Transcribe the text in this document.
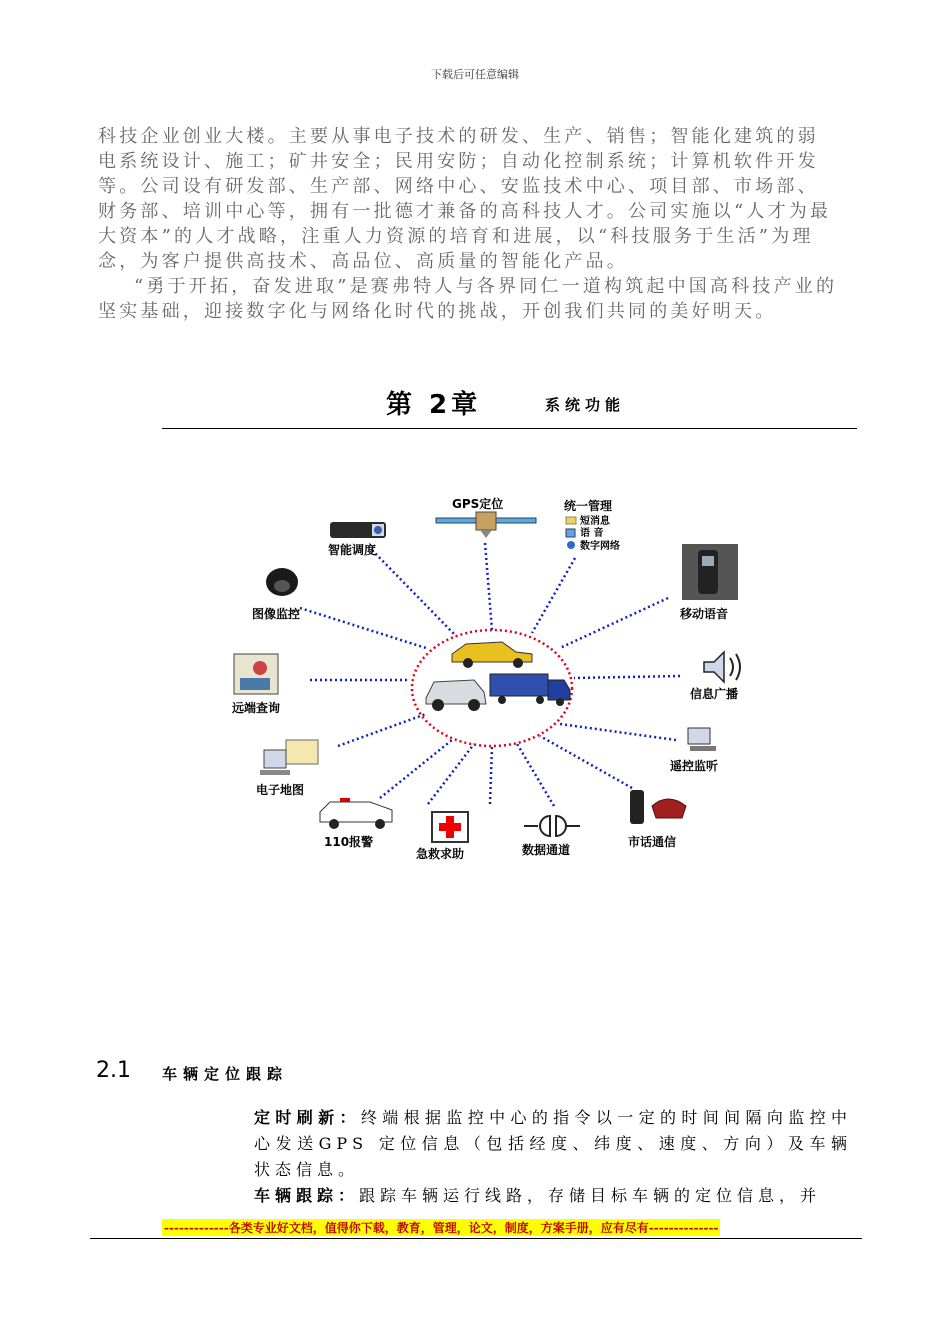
下载后可任意编辑

科技企业创业大楼。主要从事电子技术的研发、生产、销售；智能化建筑的弱电系统设计、施工；矿井安全；民用安防；自动化控制系统；计算机软件开发等。公司设有研发部、生产部、网络中心、安监技术中心、项目部、市场部、财务部、培训中心等，拥有一批德才兼备的高科技人才。公司实施以“人才为最大资本”的人才战略，注重人力资源的培育和进展，以“科技服务于生活”为理念，为客户提供高技术、高品位、高质量的智能化产品。

“勇于开拓，奋发进取”是赛弗特人与各界同仁一道构筑起中国高科技产业的坚实基础，迎接数字化与网络化时代的挑战，开创我们共同的美好明天。

第 2章	系统功能
GPS定位	统一管理
短消息
语 音
数字网络
智能调度
图像监控	移动语音
远端查询
信息广播
电子地图
遥控监听
110报警
急救求助	数据通道
市话通信
2.1 车辆定位跟踪

定时刷新：终端根据监控中心的指令以一定的时间间隔向监控中心发送GPS 定位信息（包括经度、纬度、速度、方向）及车辆状态信息。

车辆跟踪：跟踪车辆运行线路，存储目标车辆的定位信息，并

-------------各类专业好文档，值得你下载，教育，管理，论文，制度，方案手册，应有尽有--------------
